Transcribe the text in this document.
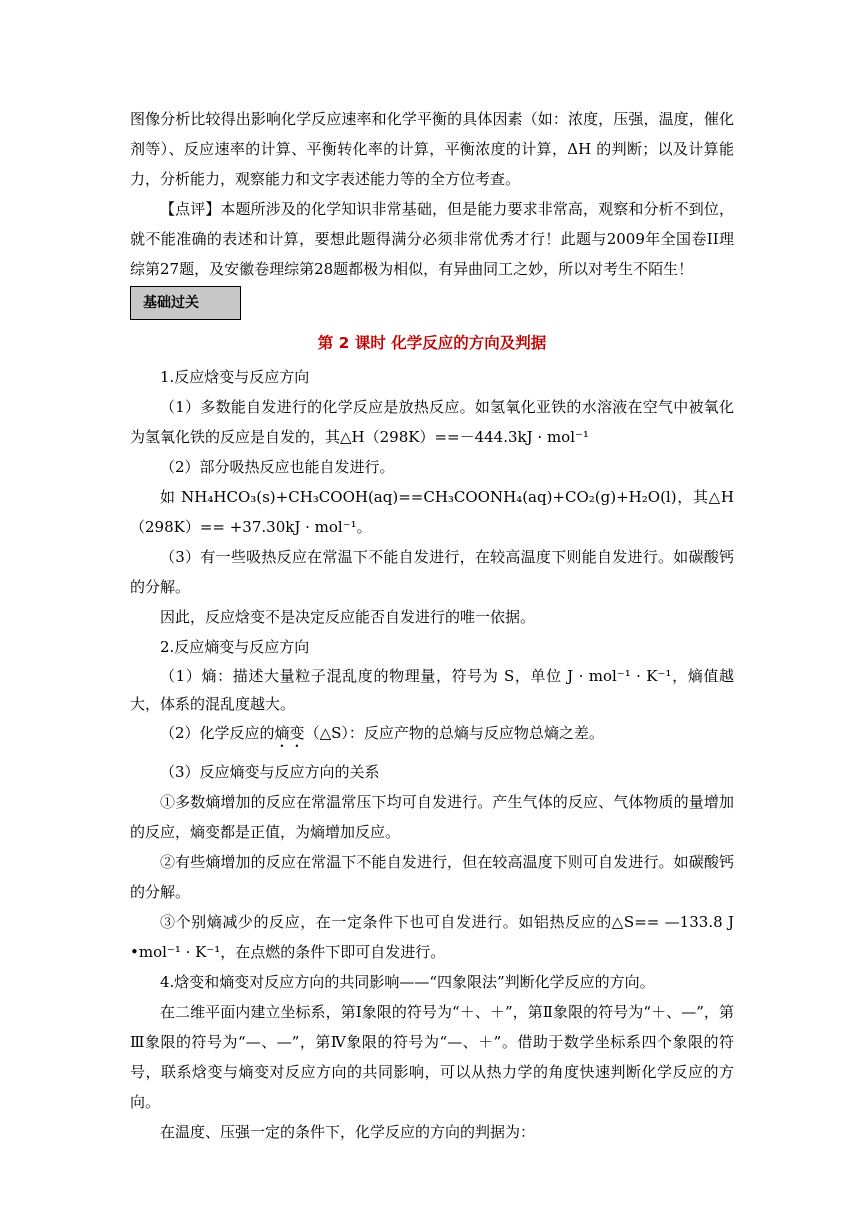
图像分析比较得出影响化学反应速率和化学平衡的具体因素（如：浓度，压强，温度，催化剂等）、反应速率的计算、平衡转化率的计算，平衡浓度的计算，ΔH 的判断；以及计算能力，分析能力，观察能力和文字表述能力等的全方位考查。

【点评】本题所涉及的化学知识非常基础，但是能力要求非常高，观察和分析不到位，就不能准确的表述和计算，要想此题得满分必须非常优秀才行！此题与2009年全国卷II理综第27题，及安徽卷理综第28题都极为相似，有异曲同工之妙，所以对考生不陌生！

基础过关
第 2 课时 化学反应的方向及判据

1.反应焓变与反应方向

（1）多数能自发进行的化学反应是放热反应。如氢氧化亚铁的水溶液在空气中被氧化为氢氧化铁的反应是自发的，其△H（298K）==－444.3kJ · mol⁻¹

（2）部分吸热反应也能自发进行。

如 NH₄HCO₃(s)+CH₃COOH(aq)==CH₃COONH₄(aq)+CO₂(g)+H₂O(l)，其△H（298K）== +37.30kJ · mol⁻¹。

（3）有一些吸热反应在常温下不能自发进行，在较高温度下则能自发进行。如碳酸钙的分解。

因此，反应焓变不是决定反应能否自发进行的唯一依据。

2.反应熵变与反应方向

（1）熵：描述大量粒子混乱度的物理量，符号为 S，单位 J · mol⁻¹ · K⁻¹，熵值越大，体系的混乱度越大。

（2）化学反应的熵变（△S）：反应产物的总熵与反应物总熵之差。

（3）反应熵变与反应方向的关系

①多数熵增加的反应在常温常压下均可自发进行。产生气体的反应、气体物质的量增加的反应，熵变都是正值，为熵增加反应。

②有些熵增加的反应在常温下不能自发进行，但在较高温度下则可自发进行。如碳酸钙的分解。

③个别熵减少的反应，在一定条件下也可自发进行。如铝热反应的△S== —133.8 J •mol⁻¹ · K⁻¹，在点燃的条件下即可自发进行。

4.焓变和熵变对反应方向的共同影响——“四象限法”判断化学反应的方向。

在二维平面内建立坐标系，第Ⅰ象限的符号为“＋、＋”，第Ⅱ象限的符号为“＋、—”，第Ⅲ象限的符号为“—、—”，第Ⅳ象限的符号为“—、＋”。借助于数学坐标系四个象限的符号，联系焓变与熵变对反应方向的共同影响，可以从热力学的角度快速判断化学反应的方向。

在温度、压强一定的条件下，化学反应的方向的判据为：
